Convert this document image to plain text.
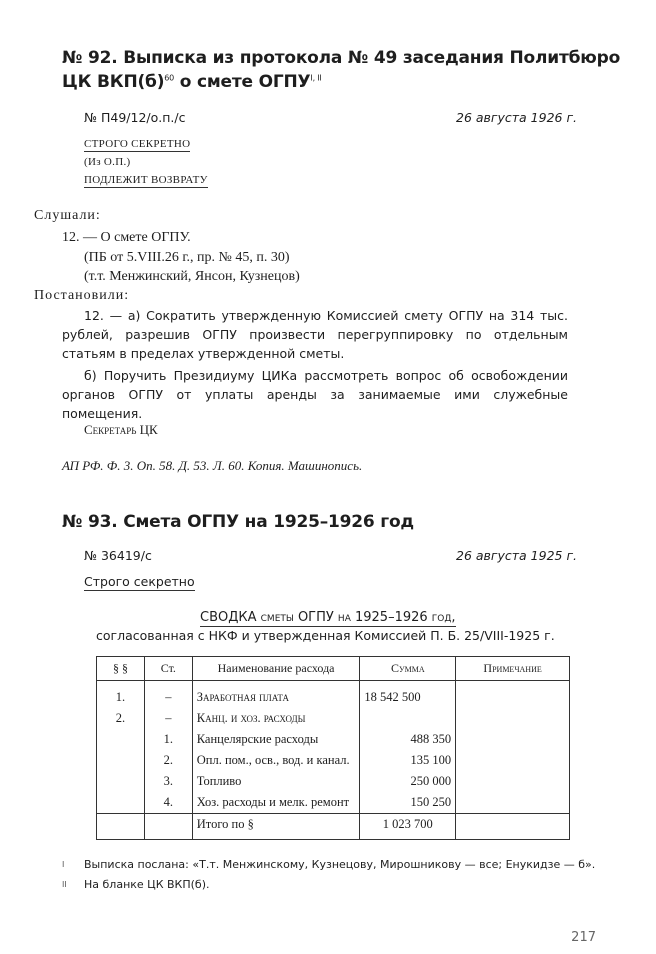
№ 92. Выписка из протокола № 49 заседания Политбюро
ЦК $ВКП(б)^{60}$ о смете $ОГПУ^{I, II}$
№ П49/12/о.п./с	26 августа 1926 г.
СТРОГО СЕКРЕТНО
(Из О.П.)
ПОДЛЕЖИТ ВОЗВРАТУ
Слушали:
12. — О смете ОГПУ.
(ПБ от 5.VIII.26 г., пр. № 45, п. 30)
(т.т. Менжинский, Янсон, Кузнецов)
Постановили:
12. — а) Сократить утвержденную Комиссией смету ОГПУ на 314 тыс. рублей, разрешив ОГПУ произвести перегруппировку по отдельным статьям в пределах утвержденной сметы.
б) Поручить Президиуму ЦИКа рассмотреть вопрос об освобождении органов ОГПУ от уплаты аренды за занимаемые ими служебные помещения.
Секретарь ЦК
АП РФ. Ф. 3. Оп. 58. Д. 53. Л. 60. Копия. Машинопись.
№ 93. Смета ОГПУ на 1925–1926 год
№ 36419/с	26 августа 1925 г.
Строго секретно

СВОДКА сметы ОГПУ на 1925–1926 год,
согласованная с НКФ и утвержденная Комиссией П. Б. 25/VIII-1925 г.
§ §	Ст.	Наименование расхода	Сумма	Примечание
1.	–	Заработная плата	18 542 500	
2.	–	Канц. и хоз. расходы		
	1.	Канцелярские расходы	488 350	
	2.	Опл. пом., осв., вод. и канал.	135 100	
	3.	Топливо	250 000	
	4.	Хоз. расходы и мелк. ремонт	150 250	
		Итого по §	1 023 700	

I Выписка послана: «Т.т. Менжинскому, Кузнецову, Мирошникову — все; Енукидзе — б».
II На бланке ЦК ВКП(б).
217
